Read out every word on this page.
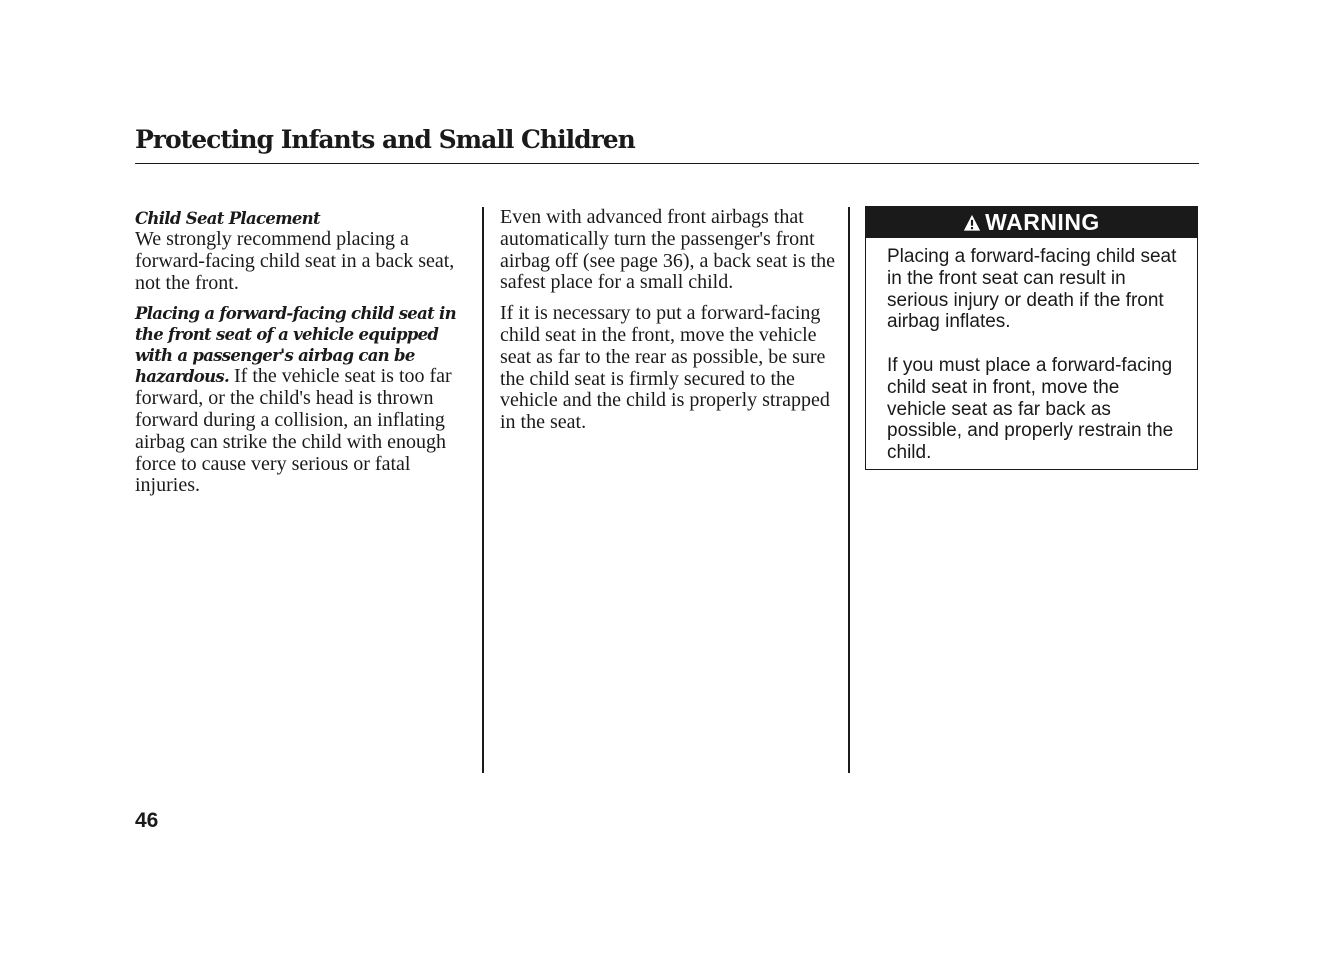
Protecting Infants and Small Children
Child Seat Placement

We strongly recommend placing a forward-facing child seat in a back seat, not the front.

Placing a forward-facing child seat in the front seat of a vehicle equipped with a passenger's airbag can be hazardous. If the vehicle seat is too far forward, or the child's head is thrown forward during a collision, an inflating airbag can strike the child with enough force to cause very serious or fatal injuries.

Even with advanced front airbags that automatically turn the passenger's front airbag off (see page 36), a back seat is the safest place for a small child.

If it is necessary to put a forward-facing child seat in the front, move the vehicle seat as far to the rear as possible, be sure the child seat is firmly secured to the vehicle and the child is properly strapped in the seat.

WARNING

Placing a forward-facing child seat in the front seat can result in serious injury or death if the front airbag inflates.

If you must place a forward-facing child seat in front, move the vehicle seat as far back as possible, and properly restrain the child.

46
